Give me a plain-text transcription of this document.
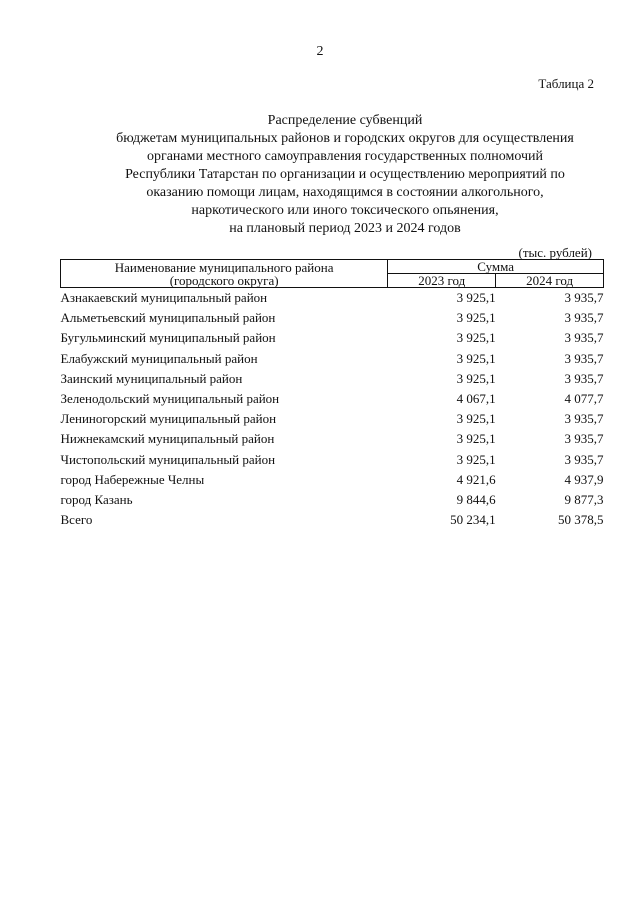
2
Таблица 2
Распределение субвенций
бюджетам муниципальных районов и городских округов для осуществления
органами местного самоуправления государственных полномочий
Республики Татарстан по организации и осуществлению мероприятий по
оказанию помощи лицам, находящимся в состоянии алкогольного,
наркотического или иного токсического опьянения,
на плановый период 2023 и 2024 годов
(тыс. рублей)
Наименование муниципального района
(городского округа)	Сумма	
	2023 год	2024 год
Азнакаевский муниципальный район	3 925,1	3 935,7
Альметьевский муниципальный район	3 925,1	3 935,7
Бугульминский муниципальный район	3 925,1	3 935,7
Елабужский муниципальный район	3 925,1	3 935,7
Заинский муниципальный район	3 925,1	3 935,7
Зеленодольский муниципальный район	4 067,1	4 077,7
Лениногорский муниципальный район	3 925,1	3 935,7
Нижнекамский муниципальный район	3 925,1	3 935,7
Чистопольский муниципальный район	3 925,1	3 935,7
город Набережные Челны	4 921,6	4 937,9
город Казань	9 844,6	9 877,3
Всего	50 234,1	50 378,5
